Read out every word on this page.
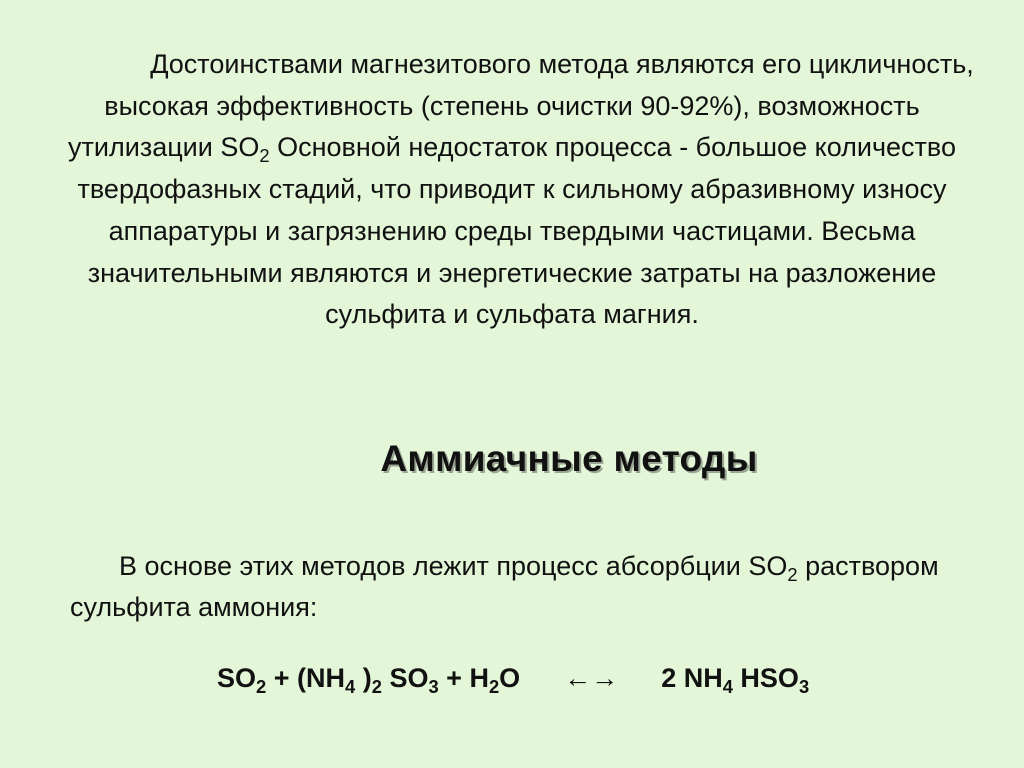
Достоинствами магнезитового метода являются его цикличность, высокая эффективность (степень очистки 90-92%), возможность утилизации $SO_2$ Основной недостаток процесса - большое количество твердофазных стадий, что приводит к сильному абразивному износу аппаратуры и загрязнению среды твердыми частицами. Весьма значительными являются и энергетические затраты на разложение сульфита и сульфата магния.

Аммиачные методы

В основе этих методов лежит процесс абсорбции $SO_2$ раствором сульфита аммония:

$SO_2 + (NH_4$ )$_2$ $SO_3 + H_2O$ ←→ 2 $NH_4$ $HSO_3$
